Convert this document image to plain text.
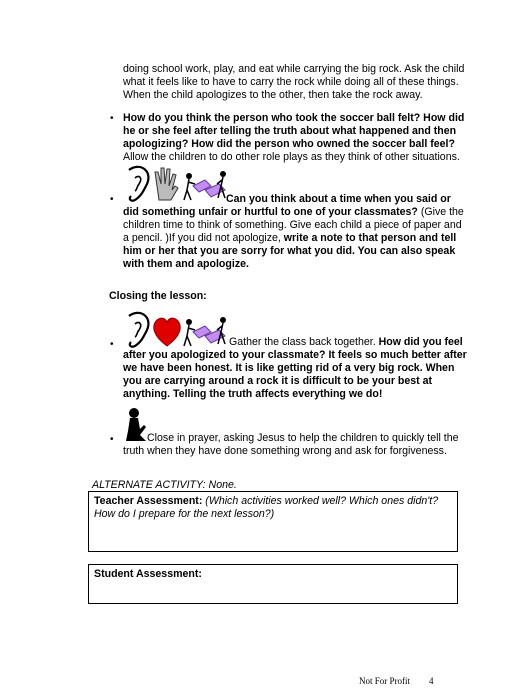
doing school work, play, and eat while carrying the big rock. Ask the child
what it feels like to have to carry the rock while doing all of these things.
When the child apologizes to the other, then take the rock away.
• How do you think the person who took the soccer ball felt? How did he or she feel after telling the truth about what happened and then apologizing? How did the person who owned the soccer ball feel? Allow the children to do other role plays as they think of other situations.
•	Can you think about a time when you said or did something unfair or hurtful to one of your classmates? (Give the children time to think of something. Give each child a piece of paper and a pencil. )If you did not apologize, write a note to that person and tell him or her that you are sorry for what you did. You can also speak with them and apologize.
Closing the lesson:
•	Gather the class back together. How did you feel after you apologized to your classmate? It feels so much better after we have been honest. It is like getting rid of a very big rock. When you are carrying around a rock it is difficult to be your best at anything. Telling the truth affects everything we do!
•	Close in prayer, asking Jesus to help the children to quickly tell the truth when they have done something wrong and ask for forgiveness.
ALTERNATE ACTIVITY: None.
Teacher Assessment: (Which activities worked well? Which ones didn't? How do I prepare for the next lesson?)
Student Assessment:
Not For Profit 4
